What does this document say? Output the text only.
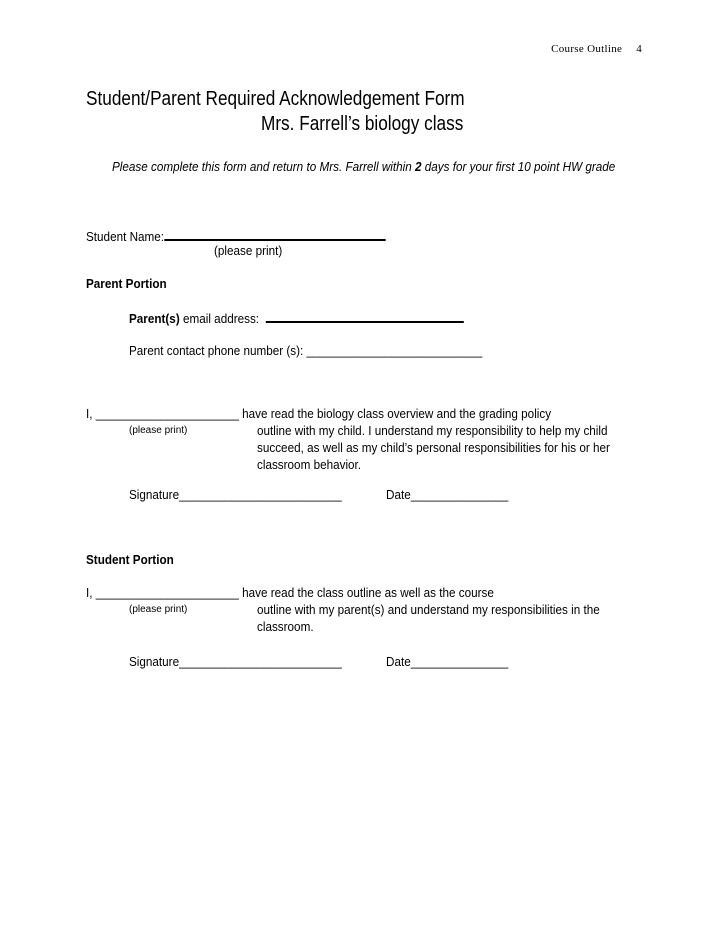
Course Outline 4
Student/Parent Required Acknowledgement Form
Mrs. Farrell’s biology class
Please complete this form and return to Mrs. Farrell within 2 days for your first 10 point HW grade
Student Name:
(please print)
Parent Portion
Parent(s) email address:
Parent contact phone number (s): ___________________________
I, ______________________ have read the biology class overview and the grading policy
(please print)	outline with my child. I understand my responsibility to help my child
succeed, as well as my child’s personal responsibilities for his or her
classroom behavior.
Signature_________________________	Date_______________
Student Portion
I, ______________________ have read the class outline as well as the course
(please print)	outline with my parent(s) and understand my responsibilities in the
classroom.
Signature_________________________	Date_______________
